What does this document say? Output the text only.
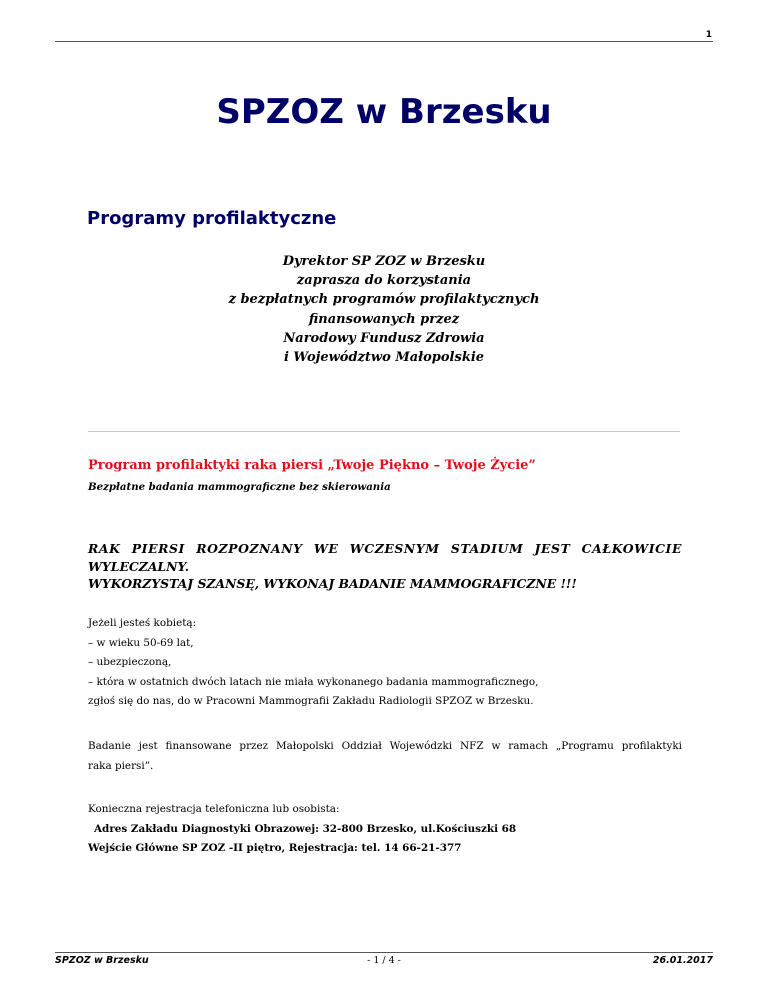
1
SPZOZ w Brzesku
Programy profilaktyczne
Dyrektor SP ZOZ w Brzesku
zaprasza do korzystania
z bezpłatnych programów profilaktycznych
finansowanych przez
Narodowy Fundusz Zdrowia
i Województwo Małopolskie
Program profilaktyki raka piersi „Twoje Piękno – Twoje Życie”
Bezpłatne badania mammograficzne bez skierowania
RAK PIERSI ROZPOZNANY WE WCZESNYM STADIUM JEST CAŁKOWICIE
WYLECZALNY.
WYKORZYSTAJ SZANSĘ, WYKONAJ BADANIE MAMMOGRAFICZNE !!!
Jeżeli jesteś kobietą:
– w wieku 50-69 lat,
– ubezpieczoną,
– która w ostatnich dwóch latach nie miała wykonanego badania mammograficznego,
zgłoś się do nas, do w Pracowni Mammografii Zakładu Radiologii SPZOZ w Brzesku.
Badanie jest finansowane przez Małopolski Oddział Wojewódzki NFZ w ramach „Programu profilaktyki
raka piersi”.
Konieczna rejestracja telefoniczna lub osobista:
Adres Zakładu Diagnostyki Obrazowej: 32-800 Brzesko, ul.Kościuszki 68
Wejście Główne SP ZOZ -II piętro, Rejestracja: tel. 14 66-21-377
SPZOZ w Brzesku	- 1 / 4 -	26.01.2017
